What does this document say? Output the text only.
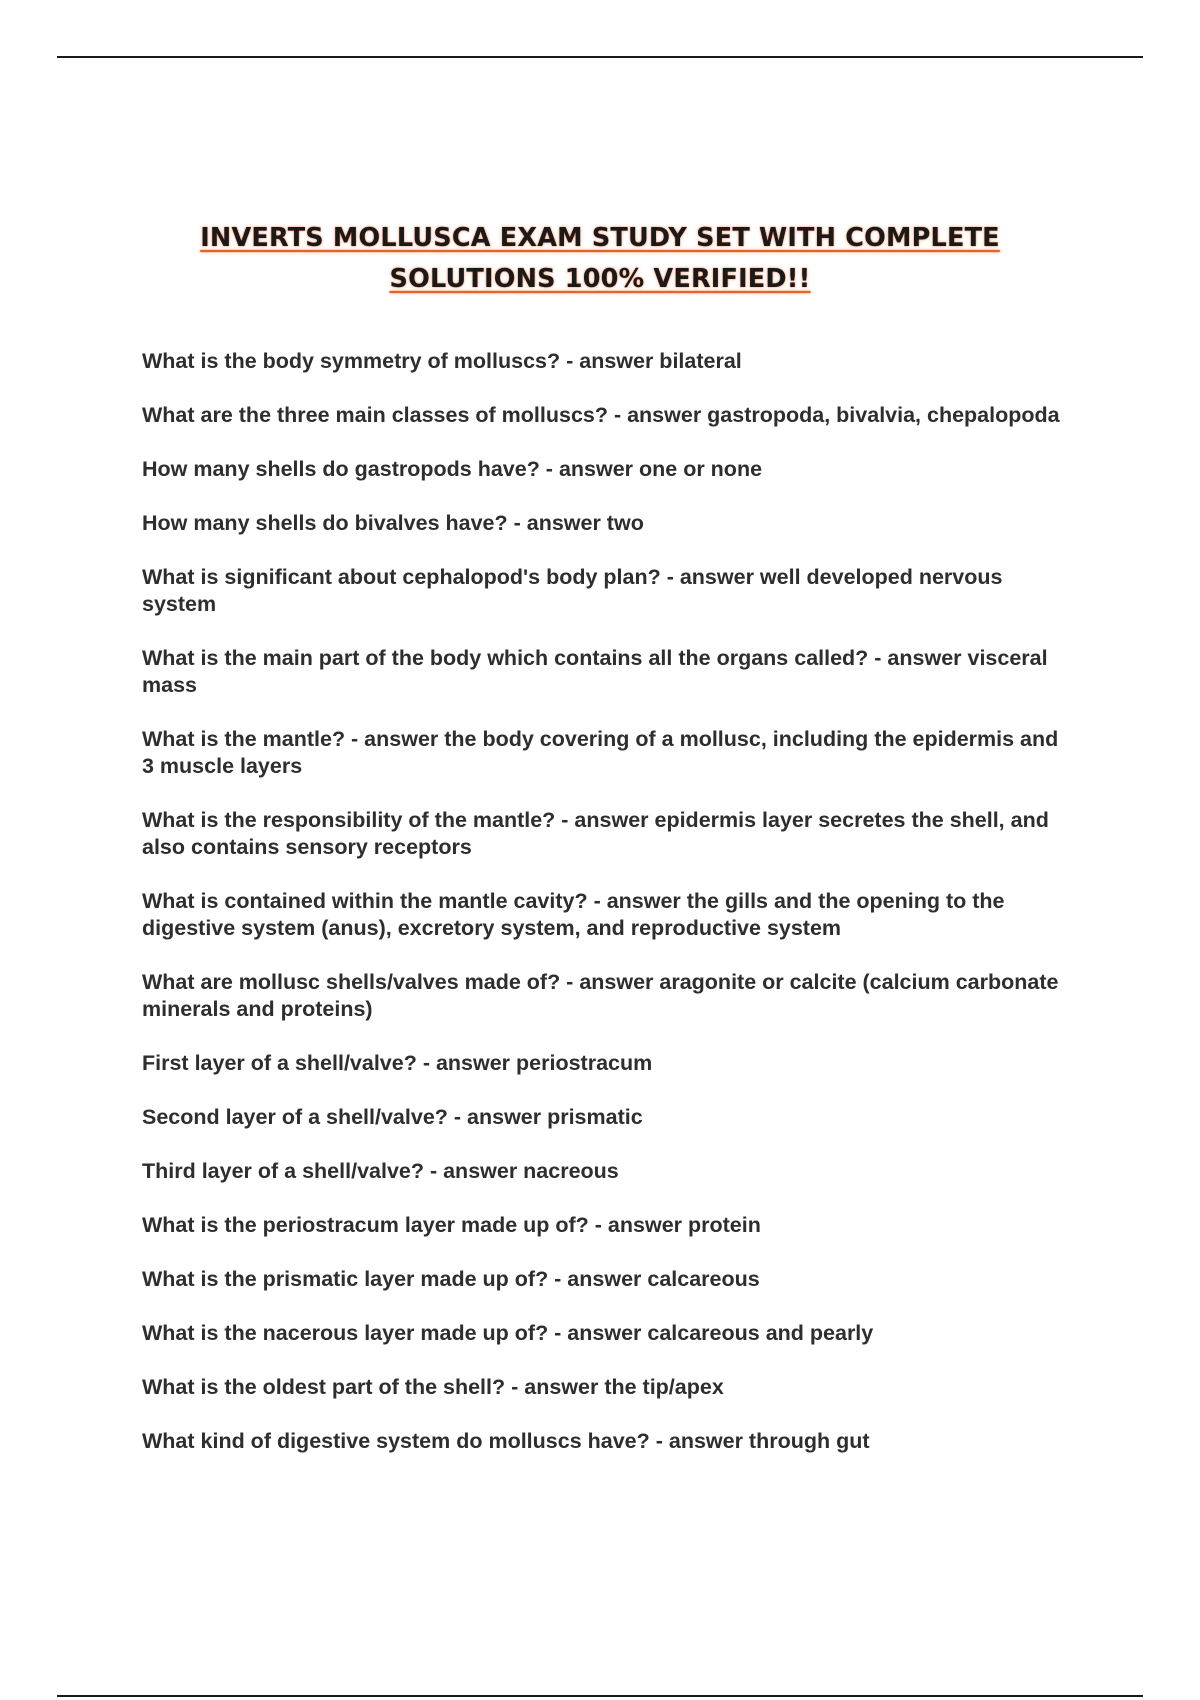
INVERTS MOLLUSCA EXAM STUDY SET WITH COMPLETE
SOLUTIONS 100% VERIFIED!!

What is the body symmetry of molluscs? - answer bilateral

What are the three main classes of molluscs? - answer gastropoda, bivalvia, chepalopoda

How many shells do gastropods have? - answer one or none

How many shells do bivalves have? - answer two

What is significant about cephalopod's body plan? - answer well developed nervous system

What is the main part of the body which contains all the organs called? - answer visceral mass

What is the mantle? - answer the body covering of a mollusc, including the epidermis and 3 muscle layers

What is the responsibility of the mantle? - answer epidermis layer secretes the shell, and also contains sensory receptors

What is contained within the mantle cavity? - answer the gills and the opening to the digestive system (anus), excretory system, and reproductive system

What are mollusc shells/valves made of? - answer aragonite or calcite (calcium carbonate minerals and proteins)

First layer of a shell/valve? - answer periostracum

Second layer of a shell/valve? - answer prismatic

Third layer of a shell/valve? - answer nacreous

What is the periostracum layer made up of? - answer protein

What is the prismatic layer made up of? - answer calcareous

What is the nacerous layer made up of? - answer calcareous and pearly

What is the oldest part of the shell? - answer the tip/apex

What kind of digestive system do molluscs have? - answer through gut
